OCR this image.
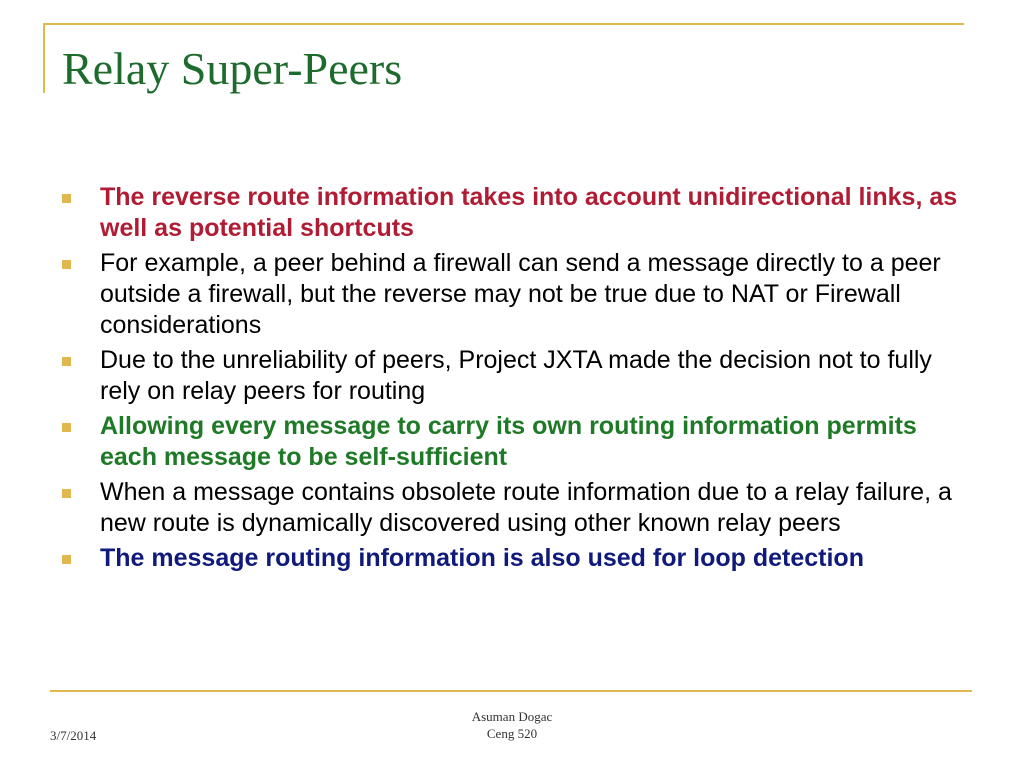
Relay Super-Peers
The reverse route information takes into account unidirectional links, as well as potential shortcuts
For example, a peer behind a firewall can send a message directly to a peer outside a firewall, but the reverse may not be true due to NAT or Firewall considerations
Due to the unreliability of peers, Project JXTA made the decision not to fully rely on relay peers for routing
Allowing every message to carry its own routing information permits each message to be self-sufficient
When a message contains obsolete route information due to a relay failure, a new route is dynamically discovered using other known relay peers
The message routing information is also used for loop detection
3/7/2014
Asuman Dogac
Ceng 520
